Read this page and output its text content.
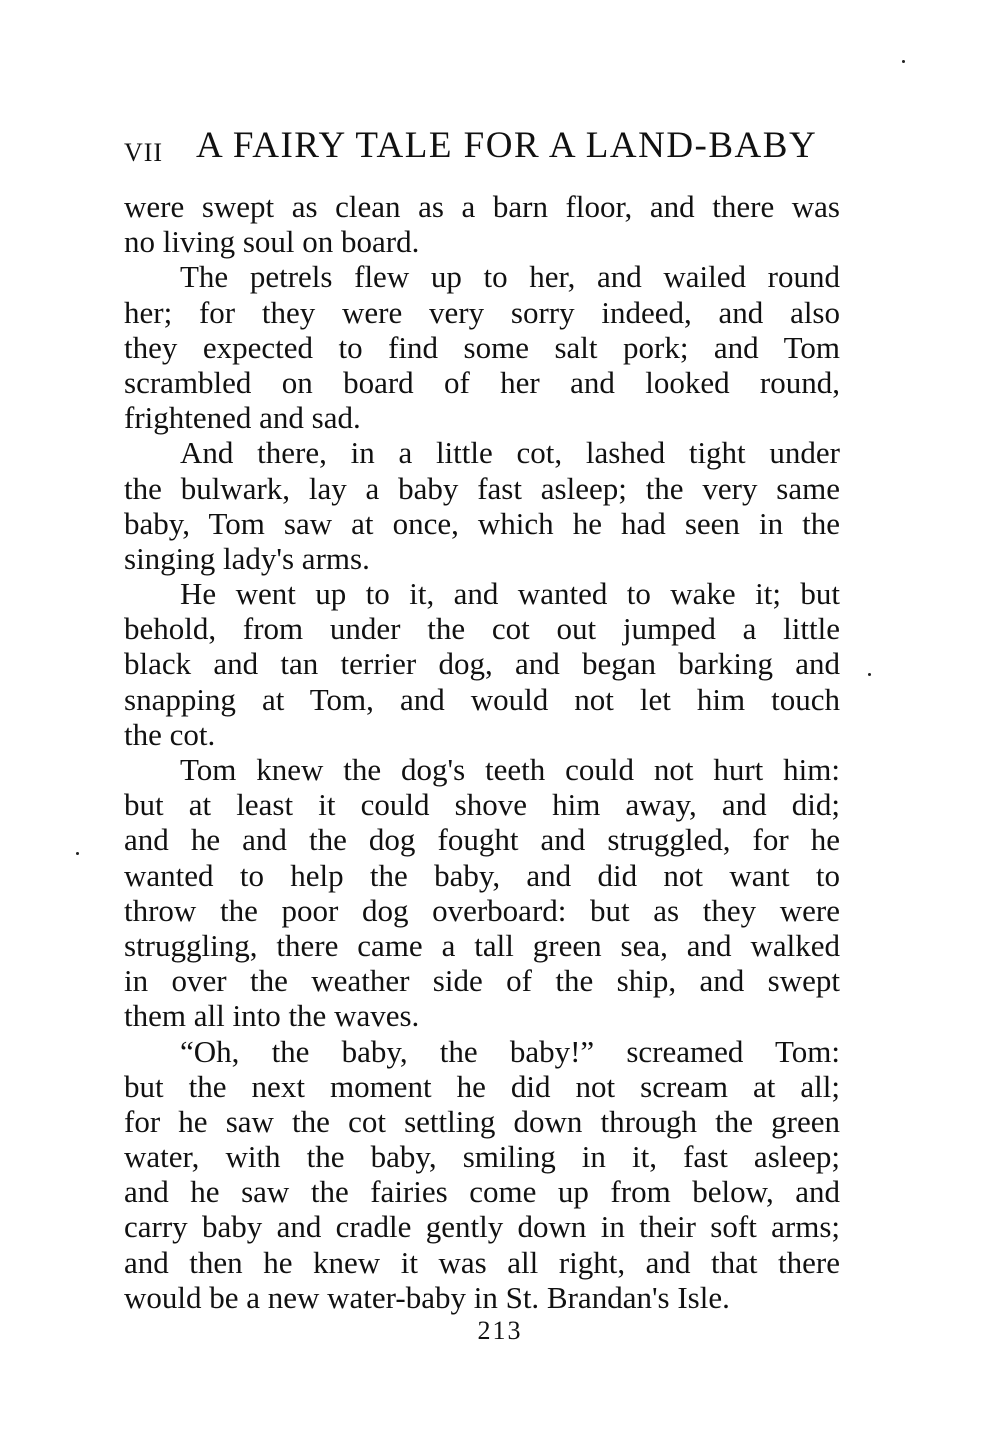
VII A FAIRY TALE FOR A LAND-BABY
were swept as clean as a barn floor, and there was
no living soul on board.
The petrels flew up to her, and wailed round
her; for they were very sorry indeed, and also
they expected to find some salt pork; and Tom
scrambled on board of her and looked round,
frightened and sad.
And there, in a little cot, lashed tight under
the bulwark, lay a baby fast asleep; the very same
baby, Tom saw at once, which he had seen in the
singing lady's arms.
He went up to it, and wanted to wake it; but
behold, from under the cot out jumped a little
black and tan terrier dog, and began barking and
snapping at Tom, and would not let him touch
the cot.
Tom knew the dog's teeth could not hurt him:
but at least it could shove him away, and did;
and he and the dog fought and struggled, for he
wanted to help the baby, and did not want to
throw the poor dog overboard: but as they were
struggling, there came a tall green sea, and walked
in over the weather side of the ship, and swept
them all into the waves.
“Oh, the baby, the baby!” screamed Tom:
but the next moment he did not scream at all;
for he saw the cot settling down through the green
water, with the baby, smiling in it, fast asleep;
and he saw the fairies come up from below, and
carry baby and cradle gently down in their soft arms;
and then he knew it was all right, and that there
would be a new water-baby in St. Brandan's Isle.
213
